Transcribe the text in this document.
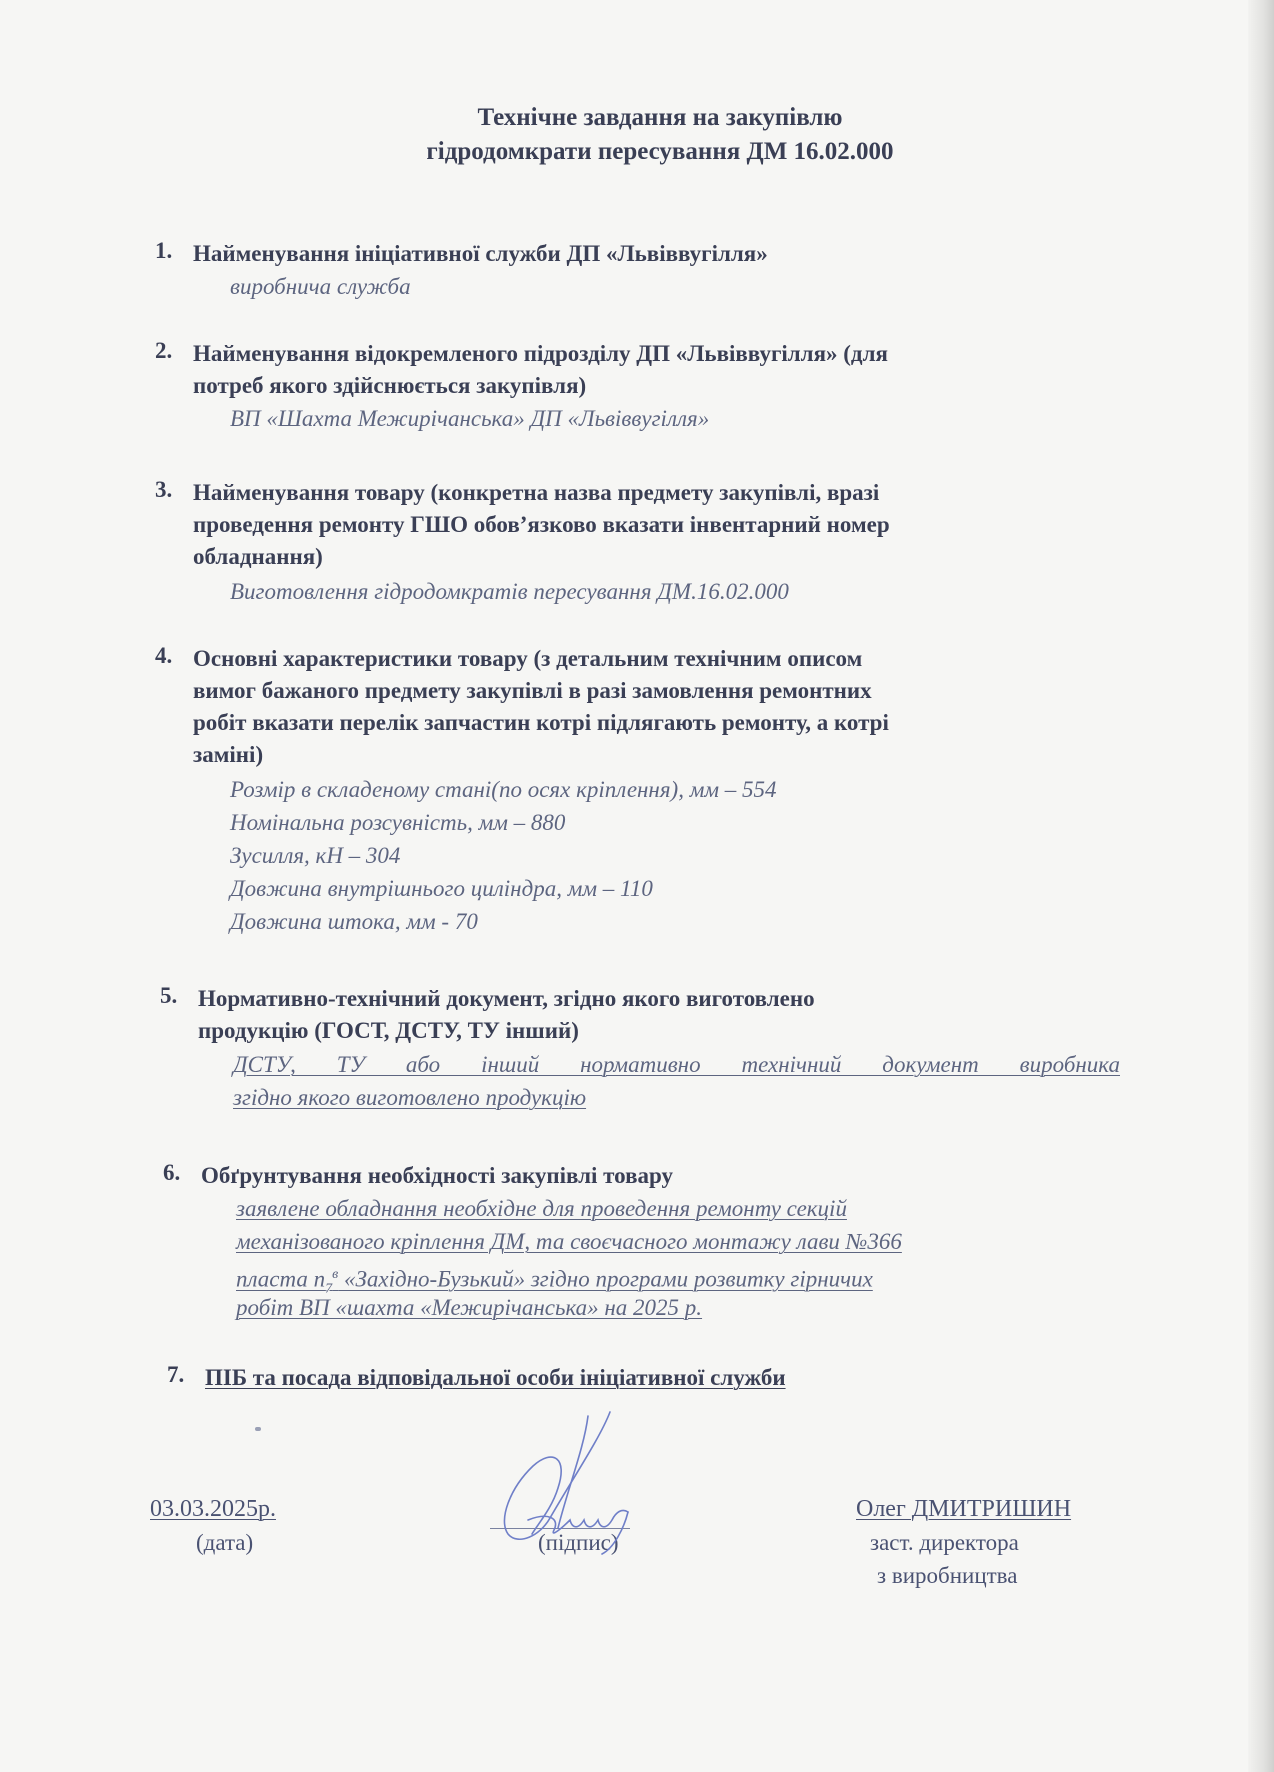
Технічне завдання на закупівлю
гідродомкрати пересування ДМ 16.02.000
1. Найменування ініціативної служби ДП «Львіввугілля»
виробнича служба
2. Найменування відокремленого підрозділу ДП «Львіввугілля» (для
потреб якого здійснюється закупівля)
ВП «Шахта Межирічанська» ДП «Львіввугілля»
3. Найменування товару (конкретна назва предмету закупівлі, вразі
проведення ремонту ГШО обов’язково вказати інвентарний номер
обладнання)
Виготовлення гідродомкратів пересування ДМ.16.02.000
4. Основні характеристики товару (з детальним технічним описом
вимог бажаного предмету закупівлі в разі замовлення ремонтних
робіт вказати перелік запчастин котрі підлягають ремонту, а котрі
заміні)
Розмір в складеному стані(по осях кріплення), мм – 554
Номінальна розсувність, мм – 880
Зусилля, кН – 304
Довжина внутрішнього циліндра, мм – 110
Довжина штока, мм - 70
5. Нормативно-технічний документ, згідно якого виготовлено
продукцію (ГОСТ, ДСТУ, ТУ інший)
ДСТУ, ТУ або інший нормативно технічний документ виробника
згідно якого виготовлено продукцію
6. Обґрунтування необхідності закупівлі товару
заявлене обладнання необхідне для проведення ремонту секцій
механізованого кріплення ДМ, та своєчасного монтажу лави №366
пласта $n_7^в$ «Західно-Бузький» згідно програми розвитку гірничих
робіт ВП «шахта «Межирічанська» на 2025 р.
7. ПІБ та посада відповідальної особи ініціативної служби
03.03.2025р.
(дата)	(підпис)
Олег ДМИТРИШИН
заст. директора
з виробництва
